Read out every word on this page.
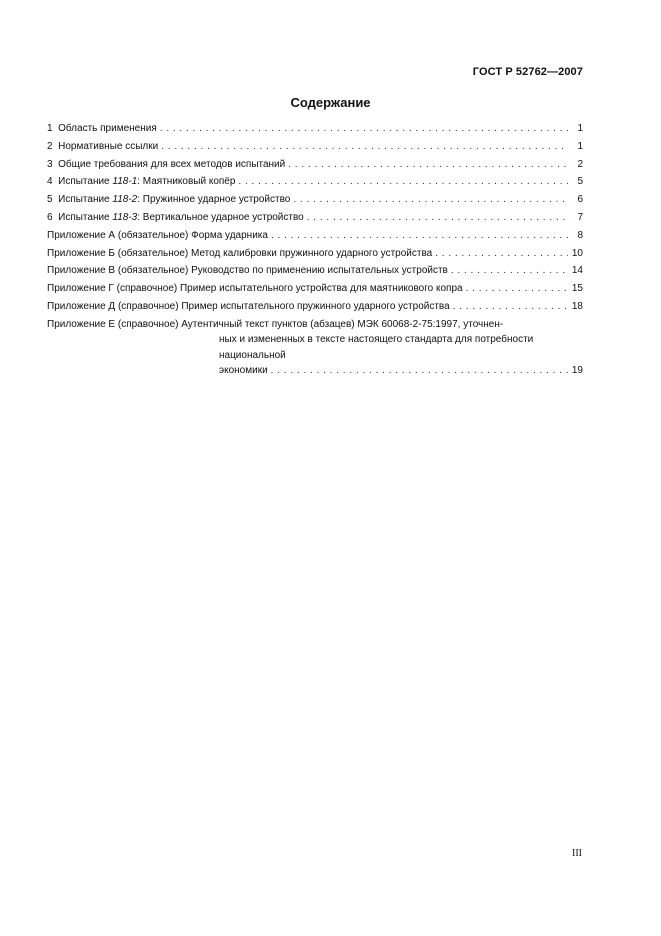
ГОСТ Р 52762—2007
Содержание
1 Область применения . . .	1
2 Нормативные ссылки . . .	1
3 Общие требования для всех методов испытаний . . .	2
4 Испытание 118-1: Маятниковый копёр . . .	5
5 Испытание 118-2: Пружинное ударное устройство . . .	6
6 Испытание 118-3: Вертикальное ударное устройство . . .	7
Приложение А (обязательное) Форма ударника . . .	8
Приложение Б (обязательное) Метод калибровки пружинного ударного устройства . . .	10
Приложение В (обязательное) Руководство по применению испытательных устройств . . .	14
Приложение Г (справочное) Пример испытательного устройства для маятникового копра . . .	15
Приложение Д (справочное) Пример испытательного пружинного ударного устройства . . .	18
Приложение Е (справочное) Аутентичный текст пунктов (абзацев) МЭК 60068-2-75:1997, уточнен-
ных и измененных в тексте настоящего стандарта для потребности национальной
экономики . . .	19
III
